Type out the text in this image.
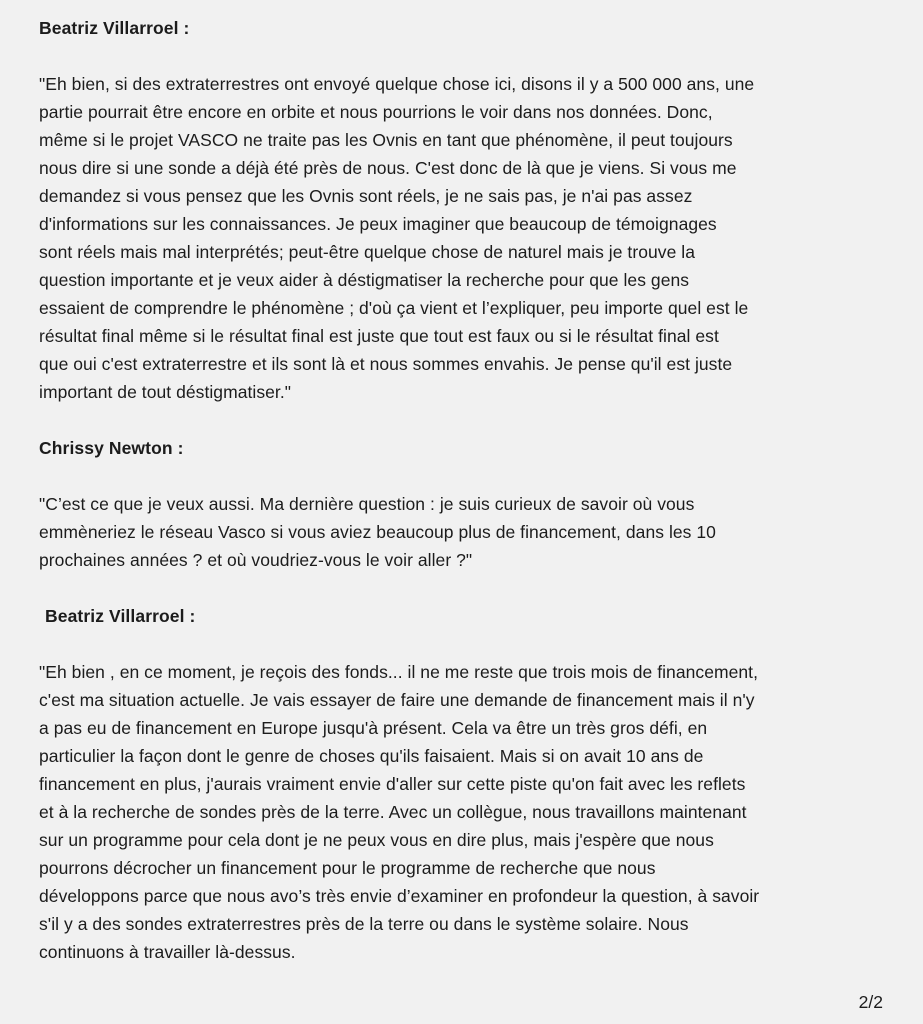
Beatriz Villarroel :

"Eh bien, si des extraterrestres ont envoyé quelque chose ici, disons il y a 500 000 ans, une
partie pourrait être encore en orbite et nous pourrions le voir dans nos données. Donc,
même si le projet VASCO ne traite pas les Ovnis en tant que phénomène, il peut toujours
nous dire si une sonde a déjà été près de nous. C'est donc de là que je viens. Si vous me
demandez si vous pensez que les Ovnis sont réels, je ne sais pas, je n'ai pas assez
d'informations sur les connaissances. Je peux imaginer que beaucoup de témoignages
sont réels mais mal interprétés; peut-être quelque chose de naturel mais je trouve la
question importante et je veux aider à déstigmatiser la recherche pour que les gens
essaient de comprendre le phénomène ; d'où ça vient et l’expliquer, peu importe quel est le
résultat final même si le résultat final est juste que tout est faux ou si le résultat final est
que oui c'est extraterrestre et ils sont là et nous sommes envahis. Je pense qu'il est juste
important de tout déstigmatiser."

Chrissy Newton :

"C’est ce que je veux aussi. Ma dernière question : je suis curieux de savoir où vous
emmèneriez le réseau Vasco si vous aviez beaucoup plus de financement, dans les 10
prochaines années ? et où voudriez-vous le voir aller ?"

Beatriz Villarroel :

"Eh bien , en ce moment, je reçois des fonds... il ne me reste que trois mois de financement,
c'est ma situation actuelle. Je vais essayer de faire une demande de financement mais il n'y
a pas eu de financement en Europe jusqu'à présent. Cela va être un très gros défi, en
particulier la façon dont le genre de choses qu'ils faisaient. Mais si on avait 10 ans de
financement en plus, j'aurais vraiment envie d'aller sur cette piste qu'on fait avec les reflets
et à la recherche de sondes près de la terre. Avec un collègue, nous travaillons maintenant
sur un programme pour cela dont je ne peux vous en dire plus, mais j'espère que nous
pourrons décrocher un financement pour le programme de recherche que nous
développons parce que nous avo’s très envie d’examiner en profondeur la question, à savoir
s'il y a des sondes extraterrestres près de la terre ou dans le système solaire. Nous
continuons à travailler là-dessus.

2/2
